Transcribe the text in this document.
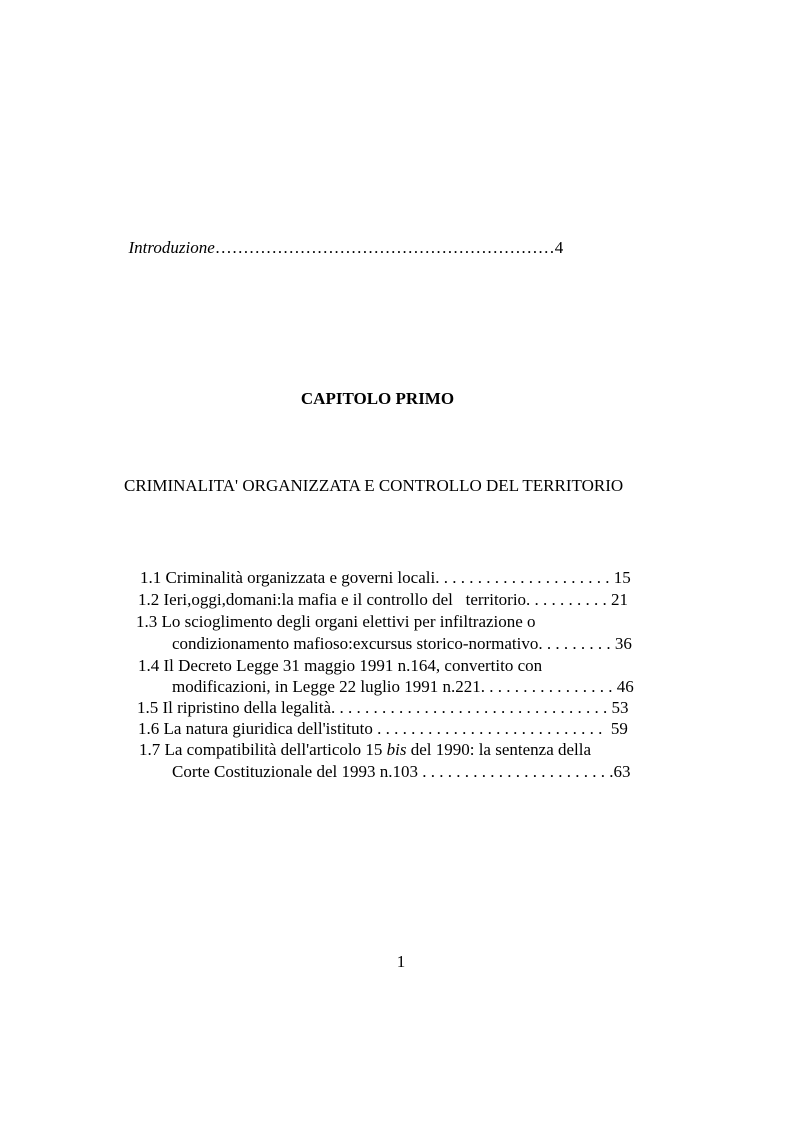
Introduzione……………………………………………………4

CAPITOLO PRIMO
CRIMINALITA' ORGANIZZATA E CONTROLLO DEL TERRITORIO
1.1 Criminalità organizzata e governi locali. . . . . . . . . . . . . . . . . . . . . 15
1.2 Ieri,oggi,domani:la mafia e il controllo del   territorio. . . . . . . . . . 21
1.3 Lo scioglimento degli organi elettivi per infiltrazione o
condizionamento mafioso:excursus storico-normativo. . . . . . . . . 36
1.4 Il Decreto Legge 31 maggio 1991 n.164, convertito con
modificazioni, in Legge 22 luglio 1991 n.221. . . . . . . . . . . . . . . . 46
1.5 Il ripristino della legalità. . . . . . . . . . . . . . . . . . . . . . . . . . . . . . . . . 53
1.6 La natura giuridica dell'istituto . . . . . . . . . . . . . . . . . . . . . . . . . . .  59
1.7 La compatibilità dell'articolo 15 bis del 1990: la sentenza della
Corte Costituzionale del 1993 n.103 . . . . . . . . . . . . . . . . . . . . . . .63
1
